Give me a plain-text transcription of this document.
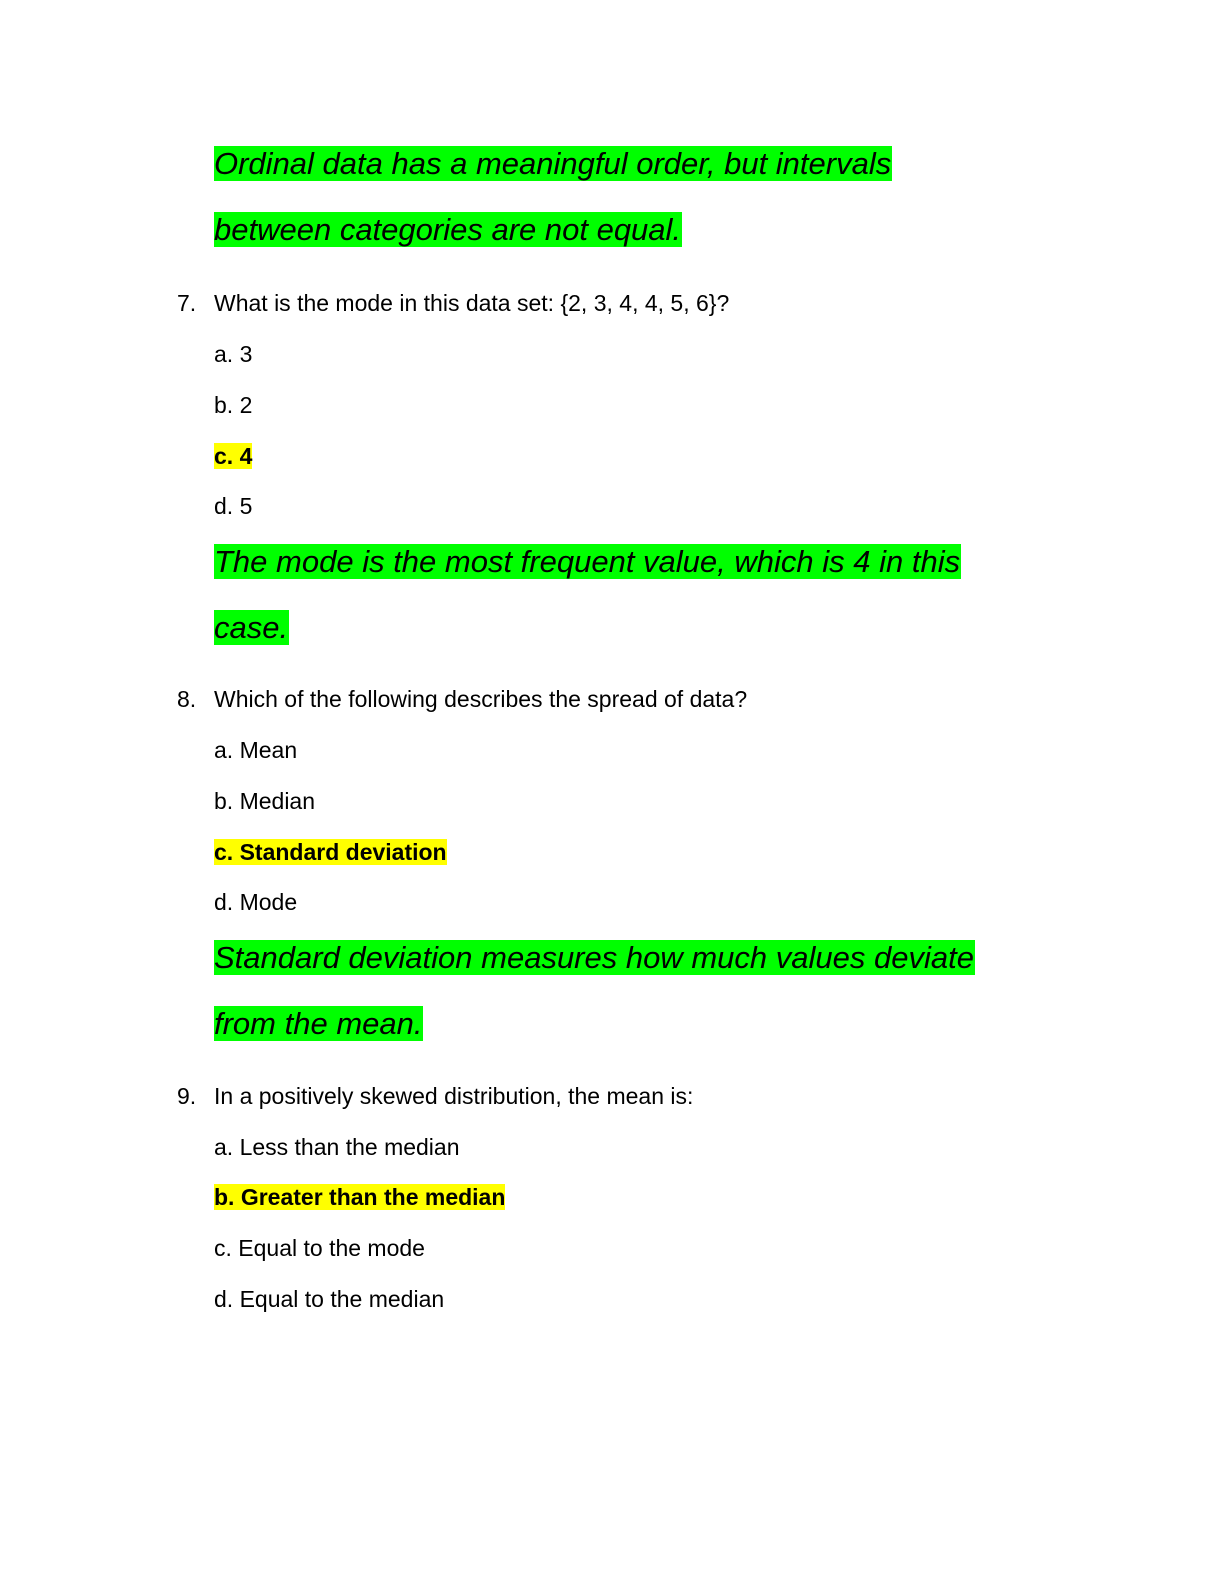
Ordinal data has a meaningful order, but intervals
between categories are not equal.
7. What is the mode in this data set: {2, 3, 4, 4, 5, 6}?
a. 3
b. 2
c. 4
d. 5
The mode is the most frequent value, which is 4 in this
case.
8. Which of the following describes the spread of data?
a. Mean
b. Median
c. Standard deviation
d. Mode
Standard deviation measures how much values deviate
from the mean.
9. In a positively skewed distribution, the mean is:
a. Less than the median
b. Greater than the median
c. Equal to the mode
d. Equal to the median
